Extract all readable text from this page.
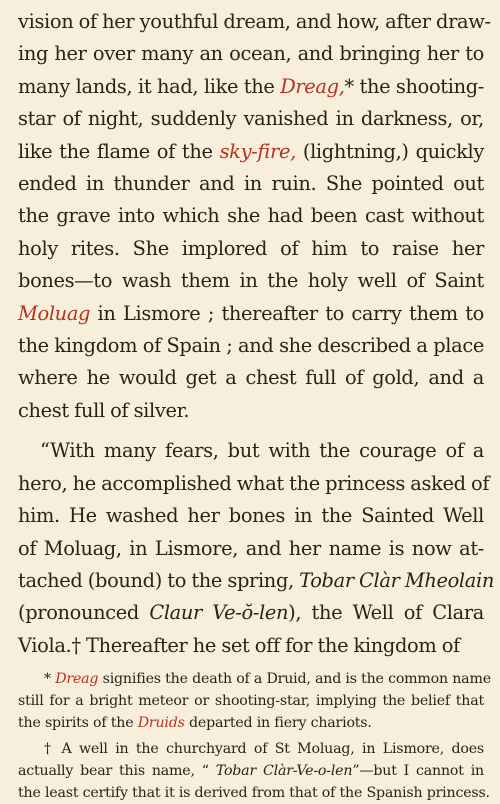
vision of her youthful dream, and how, after draw-
ing her over many an ocean, and bringing her to
many lands, it had, like the Dreag,* the shooting-
star of night, suddenly vanished in darkness, or,
like the flame of the sky-fire, (lightning,) quickly
ended in thunder and in ruin. She pointed out
the grave into which she had been cast without
holy rites. She implored of him to raise her
bones—to wash them in the holy well of Saint
Moluag in Lismore ; thereafter to carry them to
the kingdom of Spain ; and she described a place
where he would get a chest full of gold, and a
chest full of silver.
“With many fears, but with the courage of a
hero, he accomplished what the princess asked of
him. He washed her bones in the Sainted Well
of Moluag, in Lismore, and her name is now at-
tached (bound) to the spring, Tobar Clàr Mheolain
(pronounced Claur Ve-ŏ-len), the Well of Clara
Viola.† Thereafter he set off for the kingdom of
* Dreag signifies the death of a Druid, and is the common name
still for a bright meteor or shooting-star, implying the belief that
the spirits of the Druids departed in fiery chariots.
† A well in the churchyard of St Moluag, in Lismore, does
actually bear this name, “ Tobar Clàr-Ve-o-len”—but I cannot in
the least certify that it is derived from that of the Spanish princess.
